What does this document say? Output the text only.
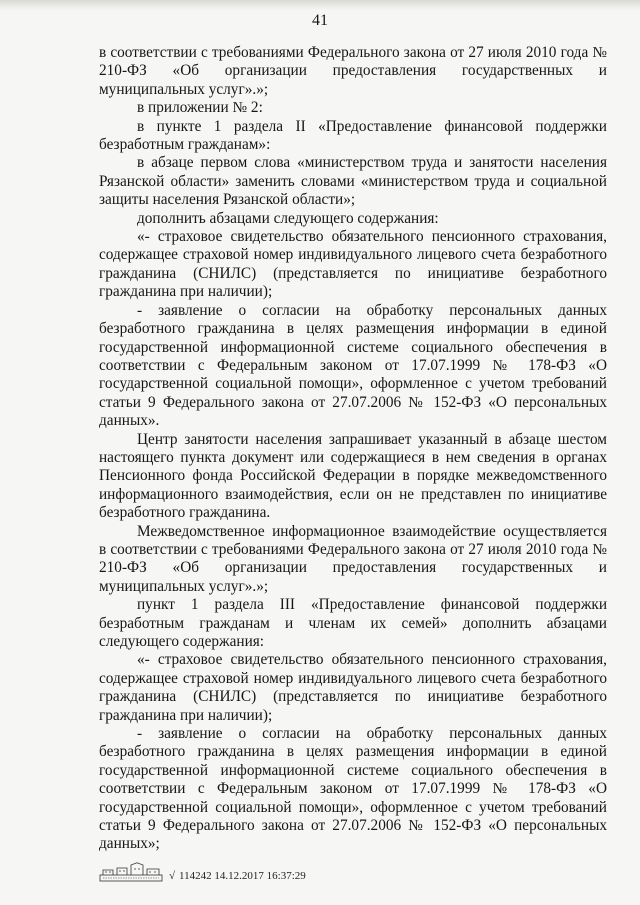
41

в соответствии с требованиями Федерального закона от 27 июля 2010 года № 210-ФЗ «Об организации предоставления государственных и муниципальных услуг».»;

в приложении № 2:

в пункте 1 раздела II «Предоставление финансовой поддержки безработным гражданам»:

в абзаце первом слова «министерством труда и занятости населения Рязанской области» заменить словами «министерством труда и социальной защиты населения Рязанской области»;

дополнить абзацами следующего содержания:

«- страховое свидетельство обязательного пенсионного страхования, содержащее страховой номер индивидуального лицевого счета безработного гражданина (СНИЛС) (представляется по инициативе безработного гражданина при наличии);

- заявление о согласии на обработку персональных данных безработного гражданина в целях размещения информации в единой государственной информационной системе социального обеспечения в соответствии с Федеральным законом от 17.07.1999 № 178-ФЗ «О государственной социальной помощи», оформленное с учетом требований статьи 9 Федерального закона от 27.07.2006 № 152-ФЗ «О персональных данных».

Центр занятости населения запрашивает указанный в абзаце шестом настоящего пункта документ или содержащиеся в нем сведения в органах Пенсионного фонда Российской Федерации в порядке межведомственного информационного взаимодействия, если он не представлен по инициативе безработного гражданина.

Межведомственное информационное взаимодействие осуществляется в соответствии с требованиями Федерального закона от 27 июля 2010 года № 210-ФЗ «Об организации предоставления государственных и муниципальных услуг».»;

пункт 1 раздела III «Предоставление финансовой поддержки безработным гражданам и членам их семей» дополнить абзацами следующего содержания:

«- страховое свидетельство обязательного пенсионного страхования, содержащее страховой номер индивидуального лицевого счета безработного гражданина (СНИЛС) (представляется по инициативе безработного гражданина при наличии);

- заявление о согласии на обработку персональных данных безработного гражданина в целях размещения информации в единой государственной информационной системе социального обеспечения в соответствии с Федеральным законом от 17.07.1999 № 178-ФЗ «О государственной социальной помощи», оформленное с учетом требований статьи 9 Федерального закона от 27.07.2006 № 152-ФЗ «О персональных данных»;

√ 114242 14.12.2017 16:37:29
